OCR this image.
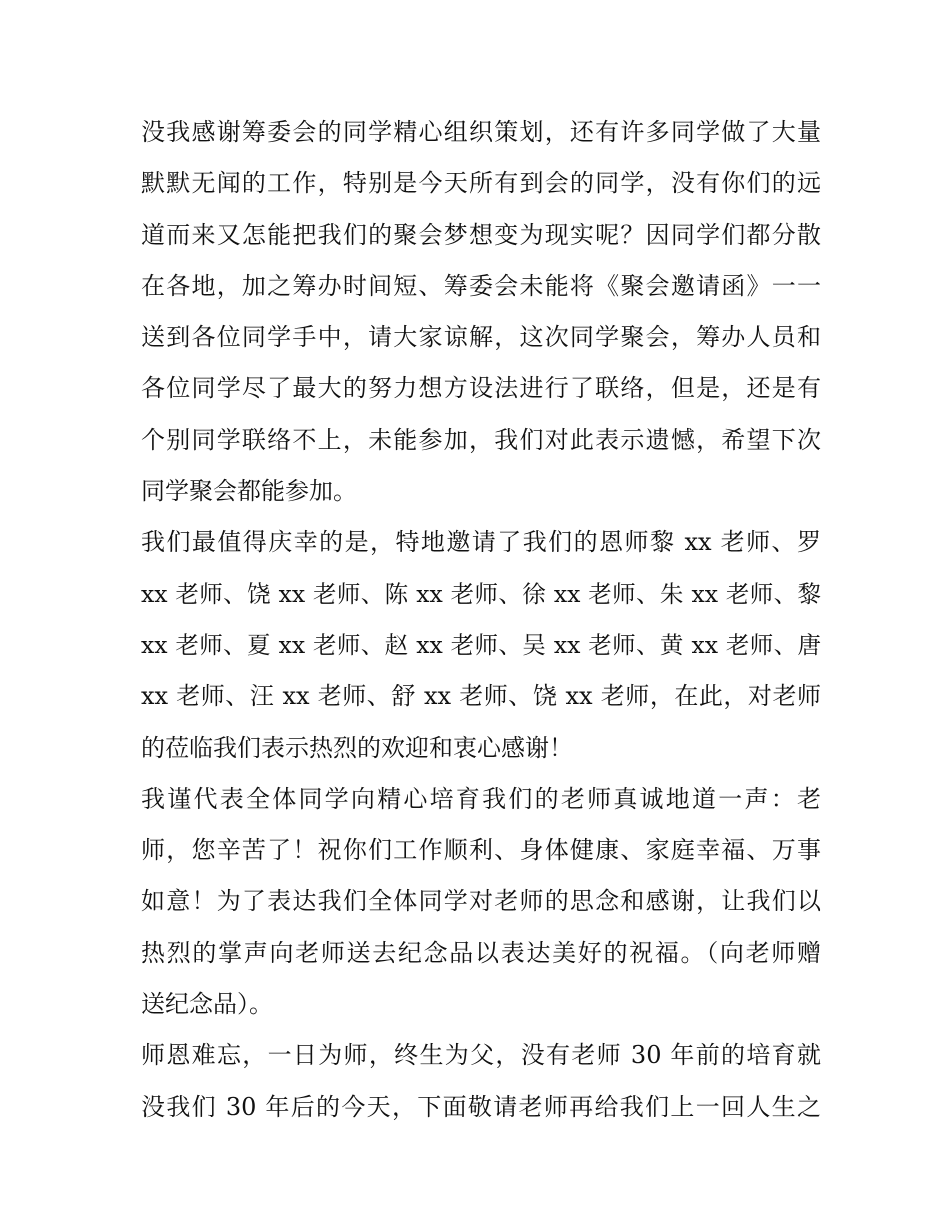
没我感谢筹委会的同学精心组织策划，还有许多同学做了大量
默默无闻的工作，特别是今天所有到会的同学，没有你们的远
道而来又怎能把我们的聚会梦想变为现实呢？因同学们都分散
在各地，加之筹办时间短、筹委会未能将《聚会邀请函》一一
送到各位同学手中，请大家谅解，这次同学聚会，筹办人员和
各位同学尽了最大的努力想方设法进行了联络，但是，还是有
个别同学联络不上，未能参加，我们对此表示遗憾，希望下次
同学聚会都能参加。
我们最值得庆幸的是，特地邀请了我们的恩师黎 xx 老师、罗
xx 老师、饶 xx 老师、陈 xx 老师、徐 xx 老师、朱 xx 老师、黎
xx 老师、夏 xx 老师、赵 xx 老师、吴 xx 老师、黄 xx 老师、唐
xx 老师、汪 xx 老师、舒 xx 老师、饶 xx 老师，在此，对老师
的莅临我们表示热烈的欢迎和衷心感谢！
我谨代表全体同学向精心培育我们的老师真诚地道一声：老
师，您辛苦了！祝你们工作顺利、身体健康、家庭幸福、万事
如意！为了表达我们全体同学对老师的思念和感谢，让我们以
热烈的掌声向老师送去纪念品以表达美好的祝福。（向老师赠
送纪念品）。
师恩难忘，一日为师，终生为父，没有老师 30 年前的培育就
没我们 30 年后的今天，下面敬请老师再给我们上一回人生之
